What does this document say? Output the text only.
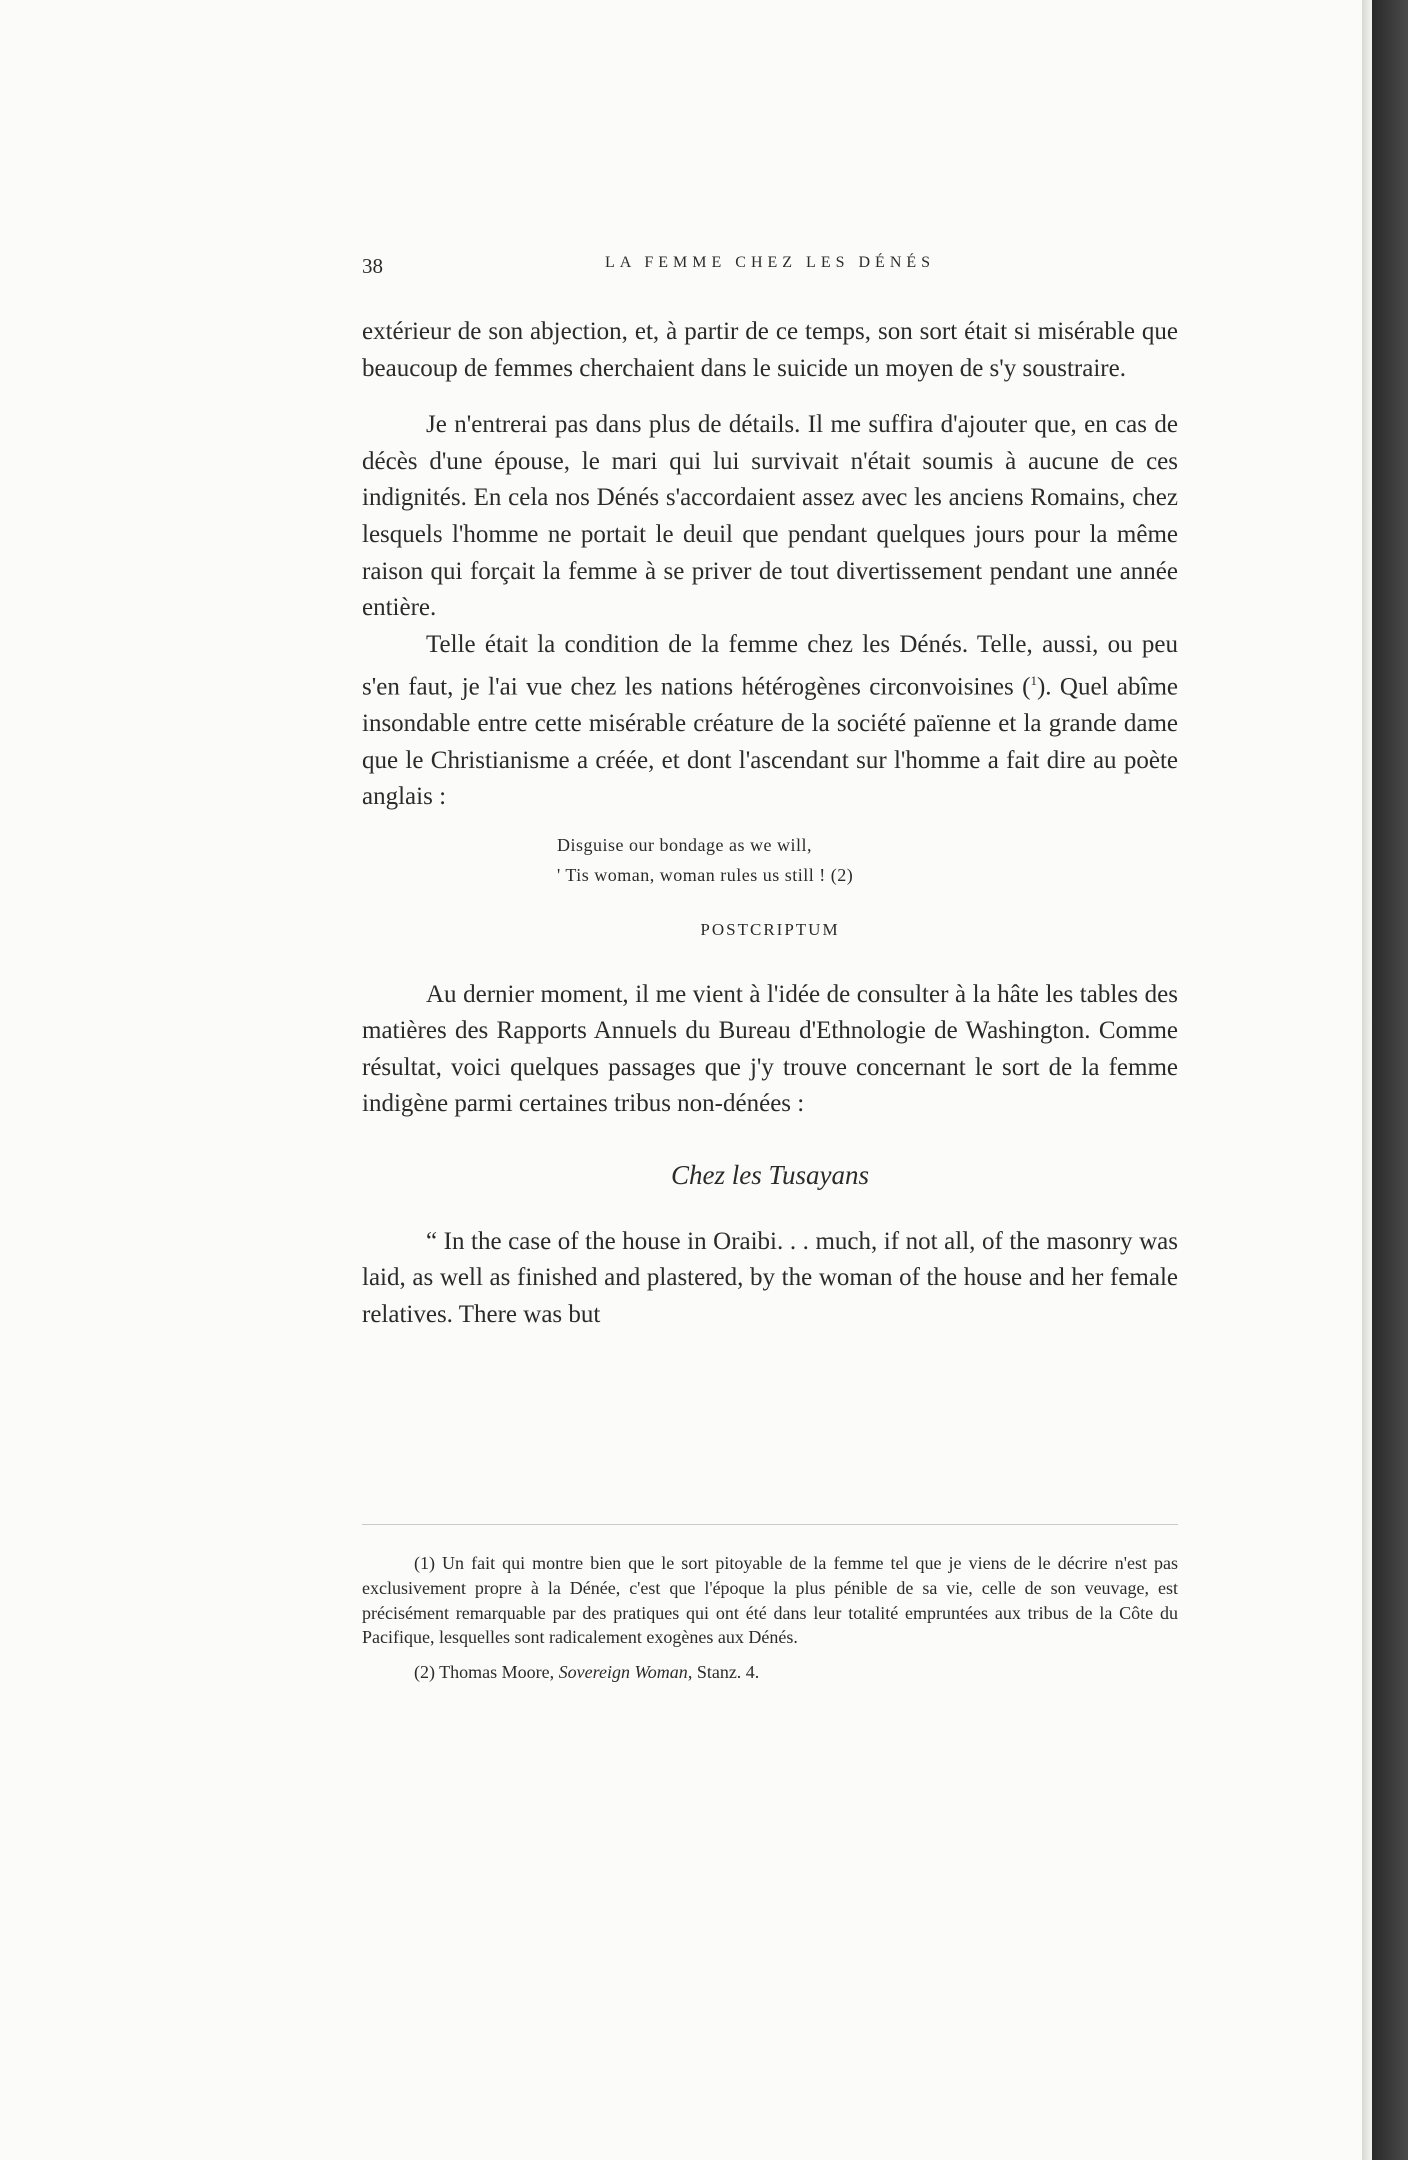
38	LA FEMME CHEZ LES DÉNÉS

extérieur de son abjection, et, à partir de ce temps, son sort était si misérable que beaucoup de femmes cherchaient dans le suicide un moyen de s'y soustraire.

Je n'entrerai pas dans plus de détails. Il me suffira d'ajouter que, en cas de décès d'une épouse, le mari qui lui survivait n'était soumis à aucune de ces indignités. En cela nos Dénés s'accordaient assez avec les anciens Romains, chez lesquels l'homme ne portait le deuil que pendant quelques jours pour la même raison qui forçait la femme à se priver de tout divertissement pendant une année entière.

Telle était la condition de la femme chez les Dénés. Telle, aussi, ou peu s'en faut, je l'ai vue chez les nations hétérogènes circonvoisines ($^1$). Quel abîme insondable entre cette misérable créature de la société païenne et la grande dame que le Christianisme a créée, et dont l'ascendant sur l'homme a fait dire au poète anglais :

Disguise our bondage as we will,
' Tis woman, woman rules us still ! (2)

POSTCRIPTUM

Au dernier moment, il me vient à l'idée de consulter à la hâte les tables des matières des Rapports Annuels du Bureau d'Ethnologie de Washington. Comme résultat, voici quelques passages que j'y trouve concernant le sort de la femme indigène parmi certaines tribus non-dénées :

Chez les Tusayans

“ In the case of the house in Oraibi. . . much, if not all, of the masonry was laid, as well as finished and plastered, by the woman of the house and her female relatives. There was but

(1) Un fait qui montre bien que le sort pitoyable de la femme tel que je viens de le décrire n'est pas exclusivement propre à la Dénée, c'est que l'époque la plus pénible de sa vie, celle de son veuvage, est précisément remarquable par des pratiques qui ont été dans leur totalité empruntées aux tribus de la Côte du Pacifique, lesquelles sont radicalement exogènes aux Dénés.

(2) Thomas Moore, Sovereign Woman, Stanz. 4.
